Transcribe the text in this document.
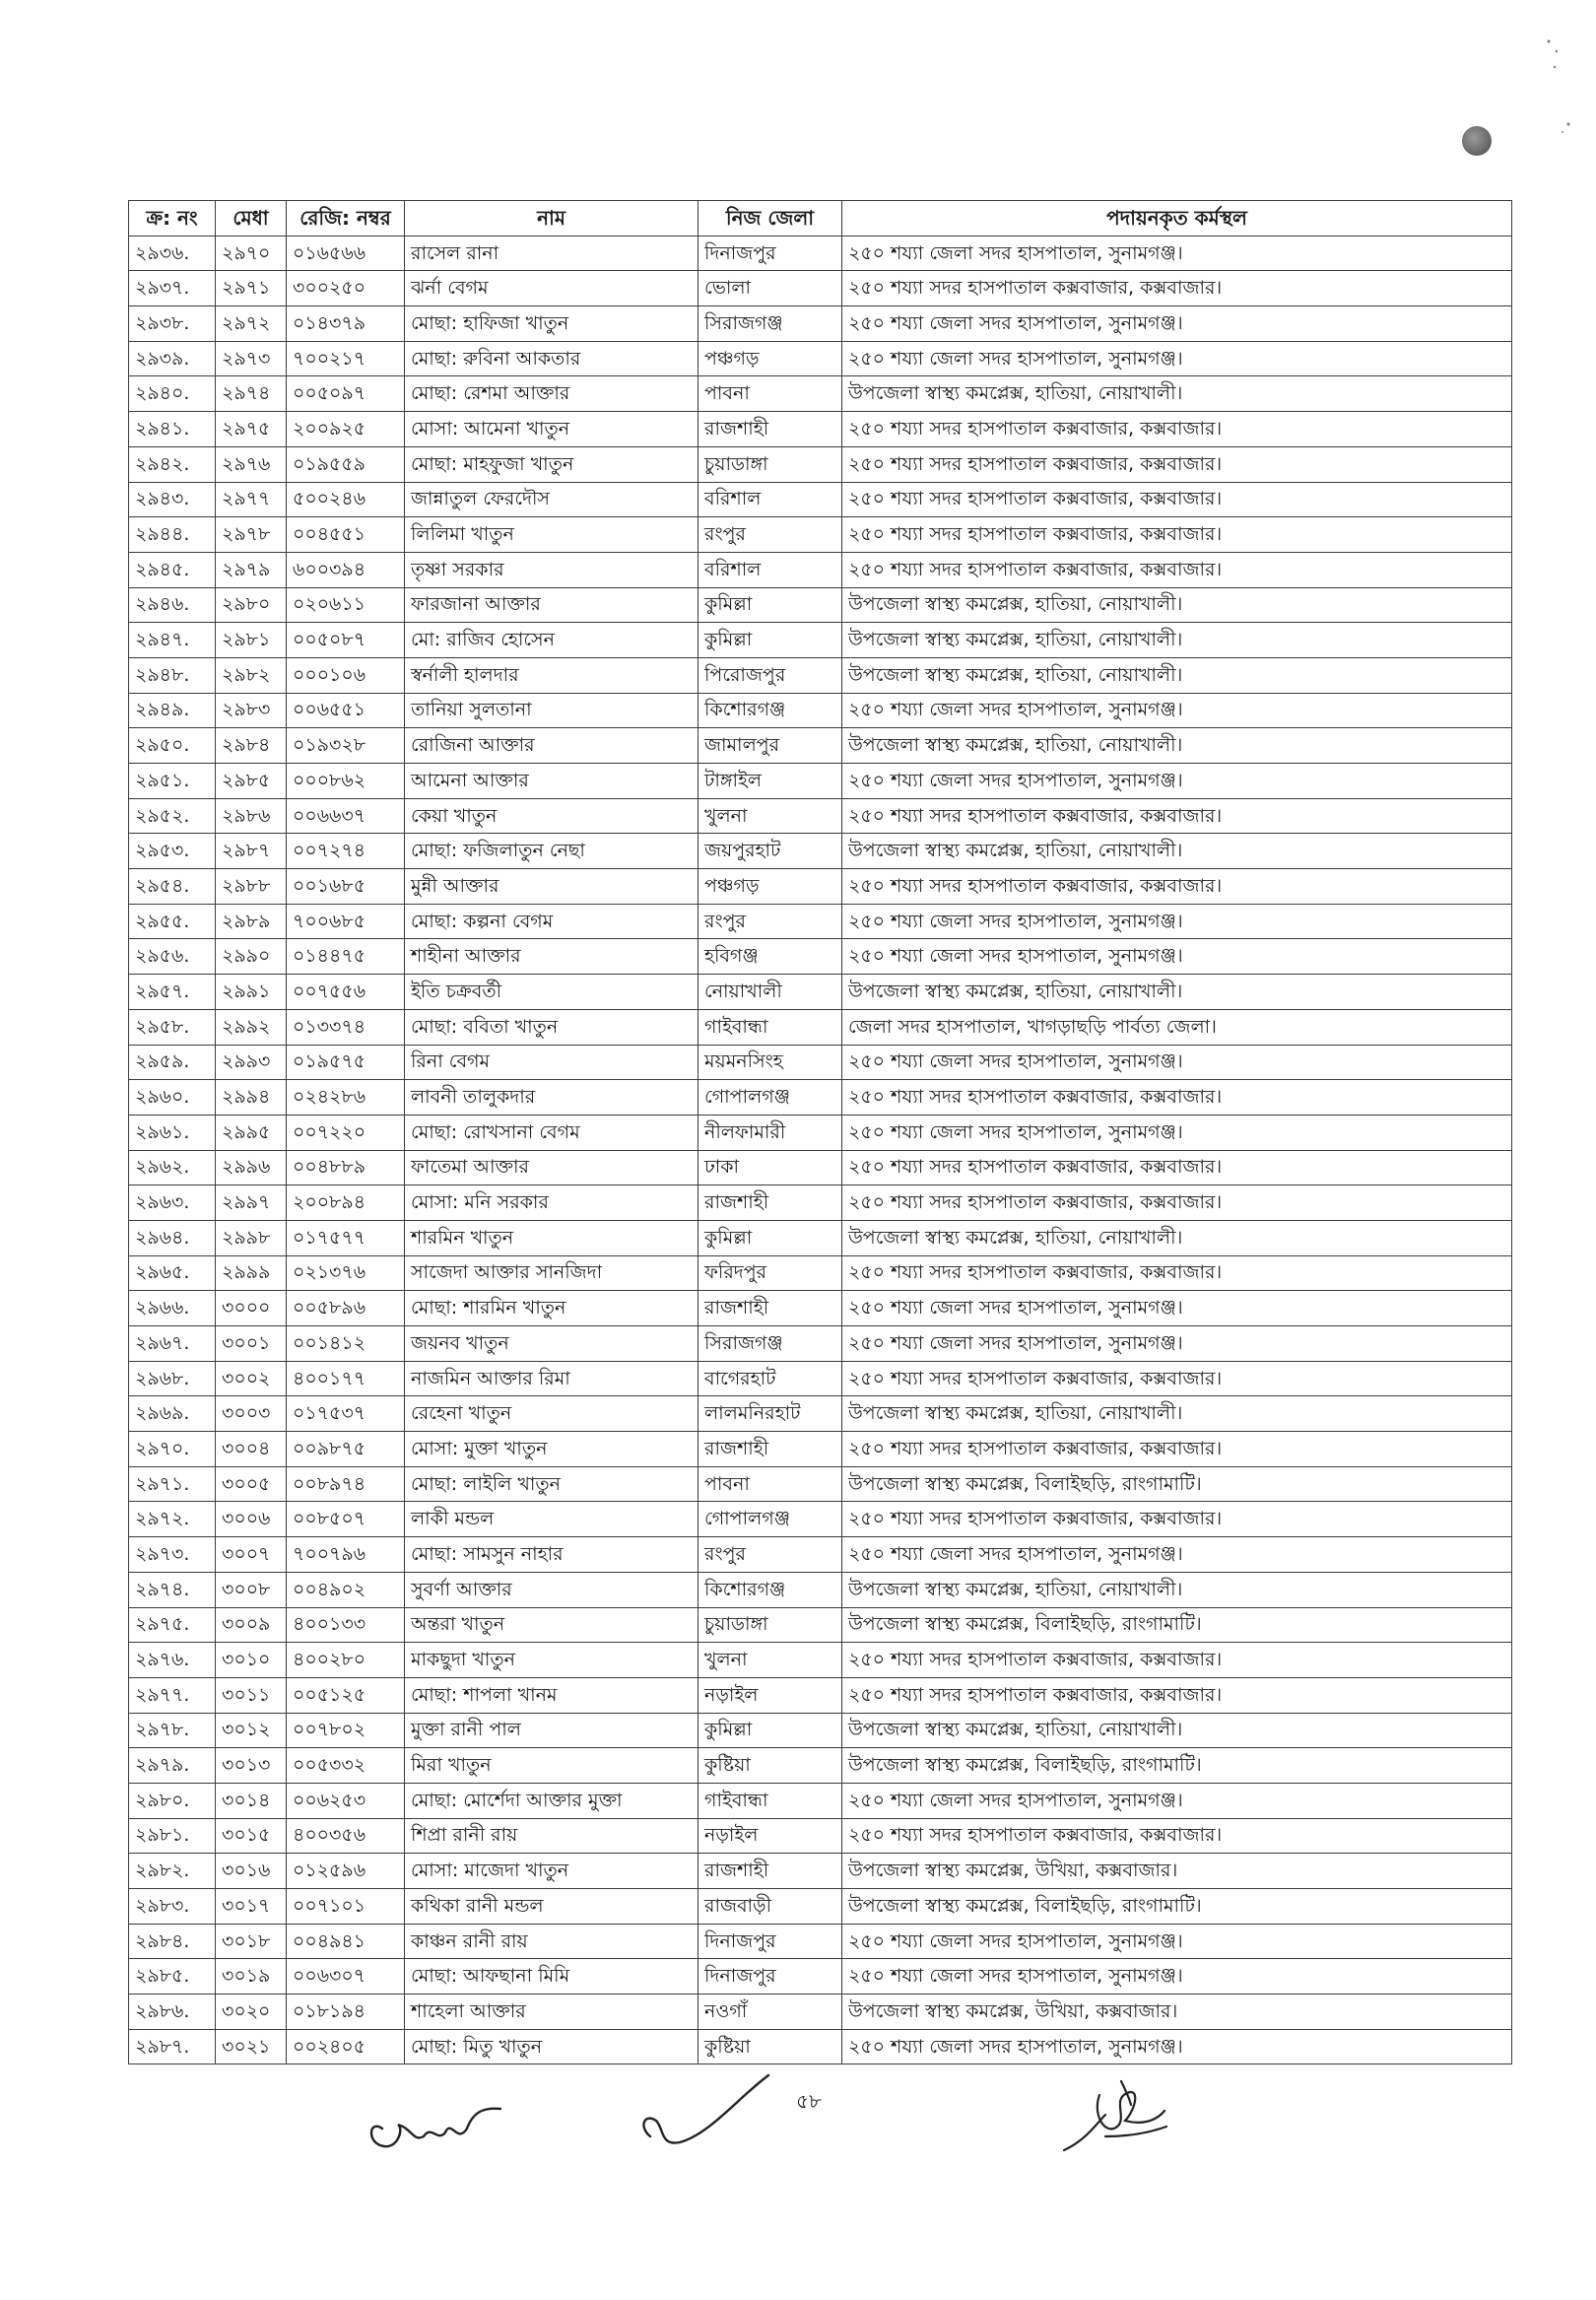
ক্র: নং	মেধা	রেজি: নম্বর	নাম	নিজ জেলা	পদায়নকৃত কর্মস্থল
২৯৩৬.	২৯৭০	০১৬৫৬৬	রাসেল রানা	দিনাজপুর	২৫০ শয্যা জেলা সদর হাসপাতাল, সুনামগঞ্জ।
২৯৩৭.	২৯৭১	৩০০২৫০	ঝর্না বেগম	ভোলা	২৫০ শয্যা সদর হাসপাতাল কক্সবাজার, কক্সবাজার।
২৯৩৮.	২৯৭২	০১৪৩৭৯	মোছা: হাফিজা খাতুন	সিরাজগঞ্জ	২৫০ শয্যা জেলা সদর হাসপাতাল, সুনামগঞ্জ।
২৯৩৯.	২৯৭৩	৭০০২১৭	মোছা: রুবিনা আকতার	পঞ্চগড়	২৫০ শয্যা জেলা সদর হাসপাতাল, সুনামগঞ্জ।
২৯৪০.	২৯৭৪	০০৫০৯৭	মোছা: রেশমা আক্তার	পাবনা	উপজেলা স্বাস্থ্য কমপ্লেক্স, হাতিয়া, নোয়াখালী।
২৯৪১.	২৯৭৫	২০০৯২৫	মোসা: আমেনা খাতুন	রাজশাহী	২৫০ শয্যা সদর হাসপাতাল কক্সবাজার, কক্সবাজার।
২৯৪২.	২৯৭৬	০১৯৫৫৯	মোছা: মাহফুজা খাতুন	চুয়াডাঙ্গা	২৫০ শয্যা সদর হাসপাতাল কক্সবাজার, কক্সবাজার।
২৯৪৩.	২৯৭৭	৫০০২৪৬	জান্নাতুল ফেরদৌস	বরিশাল	২৫০ শয্যা সদর হাসপাতাল কক্সবাজার, কক্সবাজার।
২৯৪৪.	২৯৭৮	০০৪৫৫১	লিলিমা খাতুন	রংপুর	২৫০ শয্যা সদর হাসপাতাল কক্সবাজার, কক্সবাজার।
২৯৪৫.	২৯৭৯	৬০০৩৯৪	তৃষ্ণা সরকার	বরিশাল	২৫০ শয্যা সদর হাসপাতাল কক্সবাজার, কক্সবাজার।
২৯৪৬.	২৯৮০	০২০৬১১	ফারজানা আক্তার	কুমিল্লা	উপজেলা স্বাস্থ্য কমপ্লেক্স, হাতিয়া, নোয়াখালী।
২৯৪৭.	২৯৮১	০০৫০৮৭	মো: রাজিব হোসেন	কুমিল্লা	উপজেলা স্বাস্থ্য কমপ্লেক্স, হাতিয়া, নোয়াখালী।
২৯৪৮.	২৯৮২	০০০১০৬	স্বর্নালী হালদার	পিরোজপুর	উপজেলা স্বাস্থ্য কমপ্লেক্স, হাতিয়া, নোয়াখালী।
২৯৪৯.	২৯৮৩	০০৬৫৫১	তানিয়া সুলতানা	কিশোরগঞ্জ	২৫০ শয্যা জেলা সদর হাসপাতাল, সুনামগঞ্জ।
২৯৫০.	২৯৮৪	০১৯৩২৮	রোজিনা আক্তার	জামালপুর	উপজেলা স্বাস্থ্য কমপ্লেক্স, হাতিয়া, নোয়াখালী।
২৯৫১.	২৯৮৫	০০০৮৬২	আমেনা আক্তার	টাঙ্গাইল	২৫০ শয্যা জেলা সদর হাসপাতাল, সুনামগঞ্জ।
২৯৫২.	২৯৮৬	০০৬৬৩৭	কেয়া খাতুন	খুলনা	২৫০ শয্যা সদর হাসপাতাল কক্সবাজার, কক্সবাজার।
২৯৫৩.	২৯৮৭	০০৭২৭৪	মোছা: ফজিলাতুন নেছা	জয়পুরহাট	উপজেলা স্বাস্থ্য কমপ্লেক্স, হাতিয়া, নোয়াখালী।
২৯৫৪.	২৯৮৮	০০১৬৮৫	মুন্নী আক্তার	পঞ্চগড়	২৫০ শয্যা সদর হাসপাতাল কক্সবাজার, কক্সবাজার।
২৯৫৫.	২৯৮৯	৭০০৬৮৫	মোছা: কল্পনা বেগম	রংপুর	২৫০ শয্যা জেলা সদর হাসপাতাল, সুনামগঞ্জ।
২৯৫৬.	২৯৯০	০১৪৪৭৫	শাহীনা আক্তার	হবিগঞ্জ	২৫০ শয্যা জেলা সদর হাসপাতাল, সুনামগঞ্জ।
২৯৫৭.	২৯৯১	০০৭৫৫৬	ইতি চক্রবর্তী	নোয়াখালী	উপজেলা স্বাস্থ্য কমপ্লেক্স, হাতিয়া, নোয়াখালী।
২৯৫৮.	২৯৯২	০১৩৩৭৪	মোছা: ববিতা খাতুন	গাইবান্ধা	জেলা সদর হাসপাতাল, খাগড়াছড়ি পার্বত্য জেলা।
২৯৫৯.	২৯৯৩	০১৯৫৭৫	রিনা বেগম	ময়মনসিংহ	২৫০ শয্যা জেলা সদর হাসপাতাল, সুনামগঞ্জ।
২৯৬০.	২৯৯৪	০২৪২৮৬	লাবনী তালুকদার	গোপালগঞ্জ	২৫০ শয্যা সদর হাসপাতাল কক্সবাজার, কক্সবাজার।
২৯৬১.	২৯৯৫	০০৭২২০	মোছা: রোখসানা বেগম	নীলফামারী	২৫০ শয্যা জেলা সদর হাসপাতাল, সুনামগঞ্জ।
২৯৬২.	২৯৯৬	০০৪৮৮৯	ফাতেমা আক্তার	ঢাকা	২৫০ শয্যা সদর হাসপাতাল কক্সবাজার, কক্সবাজার।
২৯৬৩.	২৯৯৭	২০০৮৯৪	মোসা: মনি সরকার	রাজশাহী	২৫০ শয্যা সদর হাসপাতাল কক্সবাজার, কক্সবাজার।
২৯৬৪.	২৯৯৮	০১৭৫৭৭	শারমিন খাতুন	কুমিল্লা	উপজেলা স্বাস্থ্য কমপ্লেক্স, হাতিয়া, নোয়াখালী।
২৯৬৫.	২৯৯৯	০২১৩৭৬	সাজেদা আক্তার সানজিদা	ফরিদপুর	২৫০ শয্যা সদর হাসপাতাল কক্সবাজার, কক্সবাজার।
২৯৬৬.	৩০০০	০০৫৮৯৬	মোছা: শারমিন খাতুন	রাজশাহী	২৫০ শয্যা জেলা সদর হাসপাতাল, সুনামগঞ্জ।
২৯৬৭.	৩০০১	০০১৪১২	জয়নব খাতুন	সিরাজগঞ্জ	২৫০ শয্যা জেলা সদর হাসপাতাল, সুনামগঞ্জ।
২৯৬৮.	৩০০২	৪০০১৭৭	নাজমিন আক্তার রিমা	বাগেরহাট	২৫০ শয্যা সদর হাসপাতাল কক্সবাজার, কক্সবাজার।
২৯৬৯.	৩০০৩	০১৭৫৩৭	রেহেনা খাতুন	লালমনিরহাট	উপজেলা স্বাস্থ্য কমপ্লেক্স, হাতিয়া, নোয়াখালী।
২৯৭০.	৩০০৪	০০৯৮৭৫	মোসা: মুক্তা খাতুন	রাজশাহী	২৫০ শয্যা সদর হাসপাতাল কক্সবাজার, কক্সবাজার।
২৯৭১.	৩০০৫	০০৮৯৭৪	মোছা: লাইলি খাতুন	পাবনা	উপজেলা স্বাস্থ্য কমপ্লেক্স, বিলাইছড়ি, রাংগামাটি।
২৯৭২.	৩০০৬	০০৮৫০৭	লাকী মন্ডল	গোপালগঞ্জ	২৫০ শয্যা সদর হাসপাতাল কক্সবাজার, কক্সবাজার।
২৯৭৩.	৩০০৭	৭০০৭৯৬	মোছা: সামসুন নাহার	রংপুর	২৫০ শয্যা জেলা সদর হাসপাতাল, সুনামগঞ্জ।
২৯৭৪.	৩০০৮	০০৪৯০২	সুবর্ণা আক্তার	কিশোরগঞ্জ	উপজেলা স্বাস্থ্য কমপ্লেক্স, হাতিয়া, নোয়াখালী।
২৯৭৫.	৩০০৯	৪০০১৩৩	অন্তরা খাতুন	চুয়াডাঙ্গা	উপজেলা স্বাস্থ্য কমপ্লেক্স, বিলাইছড়ি, রাংগামাটি।
২৯৭৬.	৩০১০	৪০০২৮০	মাকছুদা খাতুন	খুলনা	২৫০ শয্যা সদর হাসপাতাল কক্সবাজার, কক্সবাজার।
২৯৭৭.	৩০১১	০০৫১২৫	মোছা: শাপলা খানম	নড়াইল	২৫০ শয্যা সদর হাসপাতাল কক্সবাজার, কক্সবাজার।
২৯৭৮.	৩০১২	০০৭৮০২	মুক্তা রানী পাল	কুমিল্লা	উপজেলা স্বাস্থ্য কমপ্লেক্স, হাতিয়া, নোয়াখালী।
২৯৭৯.	৩০১৩	০০৫৩৩২	মিরা খাতুন	কুষ্টিয়া	উপজেলা স্বাস্থ্য কমপ্লেক্স, বিলাইছড়ি, রাংগামাটি।
২৯৮০.	৩০১৪	০০৬২৫৩	মোছা: মোর্শেদা আক্তার মুক্তা	গাইবান্ধা	২৫০ শয্যা জেলা সদর হাসপাতাল, সুনামগঞ্জ।
২৯৮১.	৩০১৫	৪০০৩৫৬	শিপ্রা রানী রায়	নড়াইল	২৫০ শয্যা সদর হাসপাতাল কক্সবাজার, কক্সবাজার।
২৯৮২.	৩০১৬	০১২৫৯৬	মোসা: মাজেদা খাতুন	রাজশাহী	উপজেলা স্বাস্থ্য কমপ্লেক্স, উখিয়া, কক্সবাজার।
২৯৮৩.	৩০১৭	০০৭১০১	কথিকা রানী মন্ডল	রাজবাড়ী	উপজেলা স্বাস্থ্য কমপ্লেক্স, বিলাইছড়ি, রাংগামাটি।
২৯৮৪.	৩০১৮	০০৪৯৪১	কাঞ্চন রানী রায়	দিনাজপুর	২৫০ শয্যা জেলা সদর হাসপাতাল, সুনামগঞ্জ।
২৯৮৫.	৩০১৯	০০৬৩০৭	মোছা: আফছানা মিমি	দিনাজপুর	২৫০ শয্যা জেলা সদর হাসপাতাল, সুনামগঞ্জ।
২৯৮৬.	৩০২০	০১৮১৯৪	শাহেলা আক্তার	নওগাঁ	উপজেলা স্বাস্থ্য কমপ্লেক্স, উখিয়া, কক্সবাজার।
২৯৮৭.	৩০২১	০০২৪০৫	মোছা: মিতু খাতুন	কুষ্টিয়া	২৫০ শয্যা জেলা সদর হাসপাতাল, সুনামগঞ্জ।
৫৮
